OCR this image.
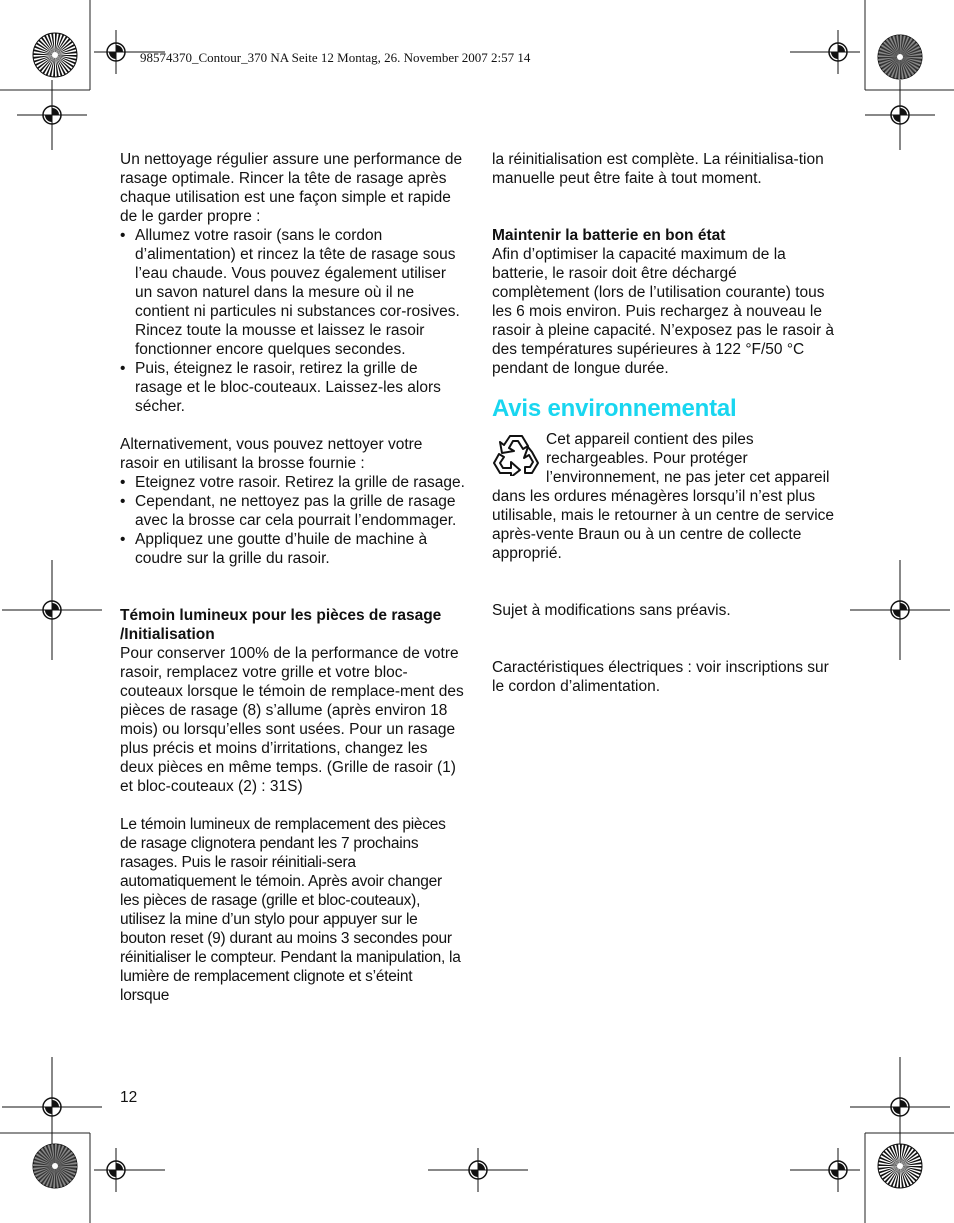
98574370_Contour_370 NA Seite 12 Montag, 26. November 2007 2:57 14

Un nettoyage régulier assure une performance de rasage optimale. Rincer la tête de rasage après chaque utilisation est une façon simple et rapide de le garder propre :

• Allumez votre rasoir (sans le cordon d’alimentation) et rincez la tête de rasage sous l’eau chaude. Vous pouvez également utiliser un savon naturel dans la mesure où il ne contient ni particules ni substances cor-rosives. Rincez toute la mousse et laissez le rasoir fonctionner encore quelques secondes.
• Puis, éteignez le rasoir, retirez la grille de rasage et le bloc-couteaux. Laissez-les alors sécher.

Alternativement, vous pouvez nettoyer votre rasoir en utilisant la brosse fournie :

• Eteignez votre rasoir. Retirez la grille de rasage.
• Cependant, ne nettoyez pas la grille de rasage avec la brosse car cela pourrait l’endommager.
• Appliquez une goutte d’huile de machine à coudre sur la grille du rasoir.

Témoin lumineux pour les pièces de rasage /Initialisation

Pour conserver 100% de la performance de votre rasoir, remplacez votre grille et votre bloc-couteaux lorsque le témoin de remplace-ment des pièces de rasage (8) s’allume (après environ 18 mois) ou lorsqu’elles sont usées. Pour un rasage plus précis et moins d’irritations, changez les deux pièces en même temps. (Grille de rasoir (1) et bloc-couteaux (2) : 31S)

Le témoin lumineux de remplacement des pièces de rasage clignotera pendant les 7 prochains rasages. Puis le rasoir réinitiali-sera automatiquement le témoin. Après avoir changer les pièces de rasage (grille et bloc-couteaux), utilisez la mine d’un stylo pour appuyer sur le bouton reset (9) durant au moins 3 secondes pour réinitialiser le compteur. Pendant la manipulation, la lumière de remplacement clignote et s’éteint lorsque

la réinitialisation est complète. La réinitialisa-tion manuelle peut être faite à tout moment.

Maintenir la batterie en bon état

Afin d’optimiser la capacité maximum de la batterie, le rasoir doit être déchargé complètement (lors de l’utilisation courante) tous les 6 mois environ. Puis rechargez à nouveau le rasoir à pleine capacité. N’exposez pas le rasoir à des températures supérieures à 122 °F/50 °C pendant de longue durée.

Avis environnemental

Cet appareil contient des piles rechargeables. Pour protéger l’environnement, ne pas jeter cet appareil dans les ordures ménagères lorsqu’il n’est plus utilisable, mais le retourner à un centre de service après-vente Braun ou à un centre de collecte approprié.

Sujet à modifications sans préavis.

Caractéristiques électriques : voir inscriptions sur le cordon d’alimentation.

12
